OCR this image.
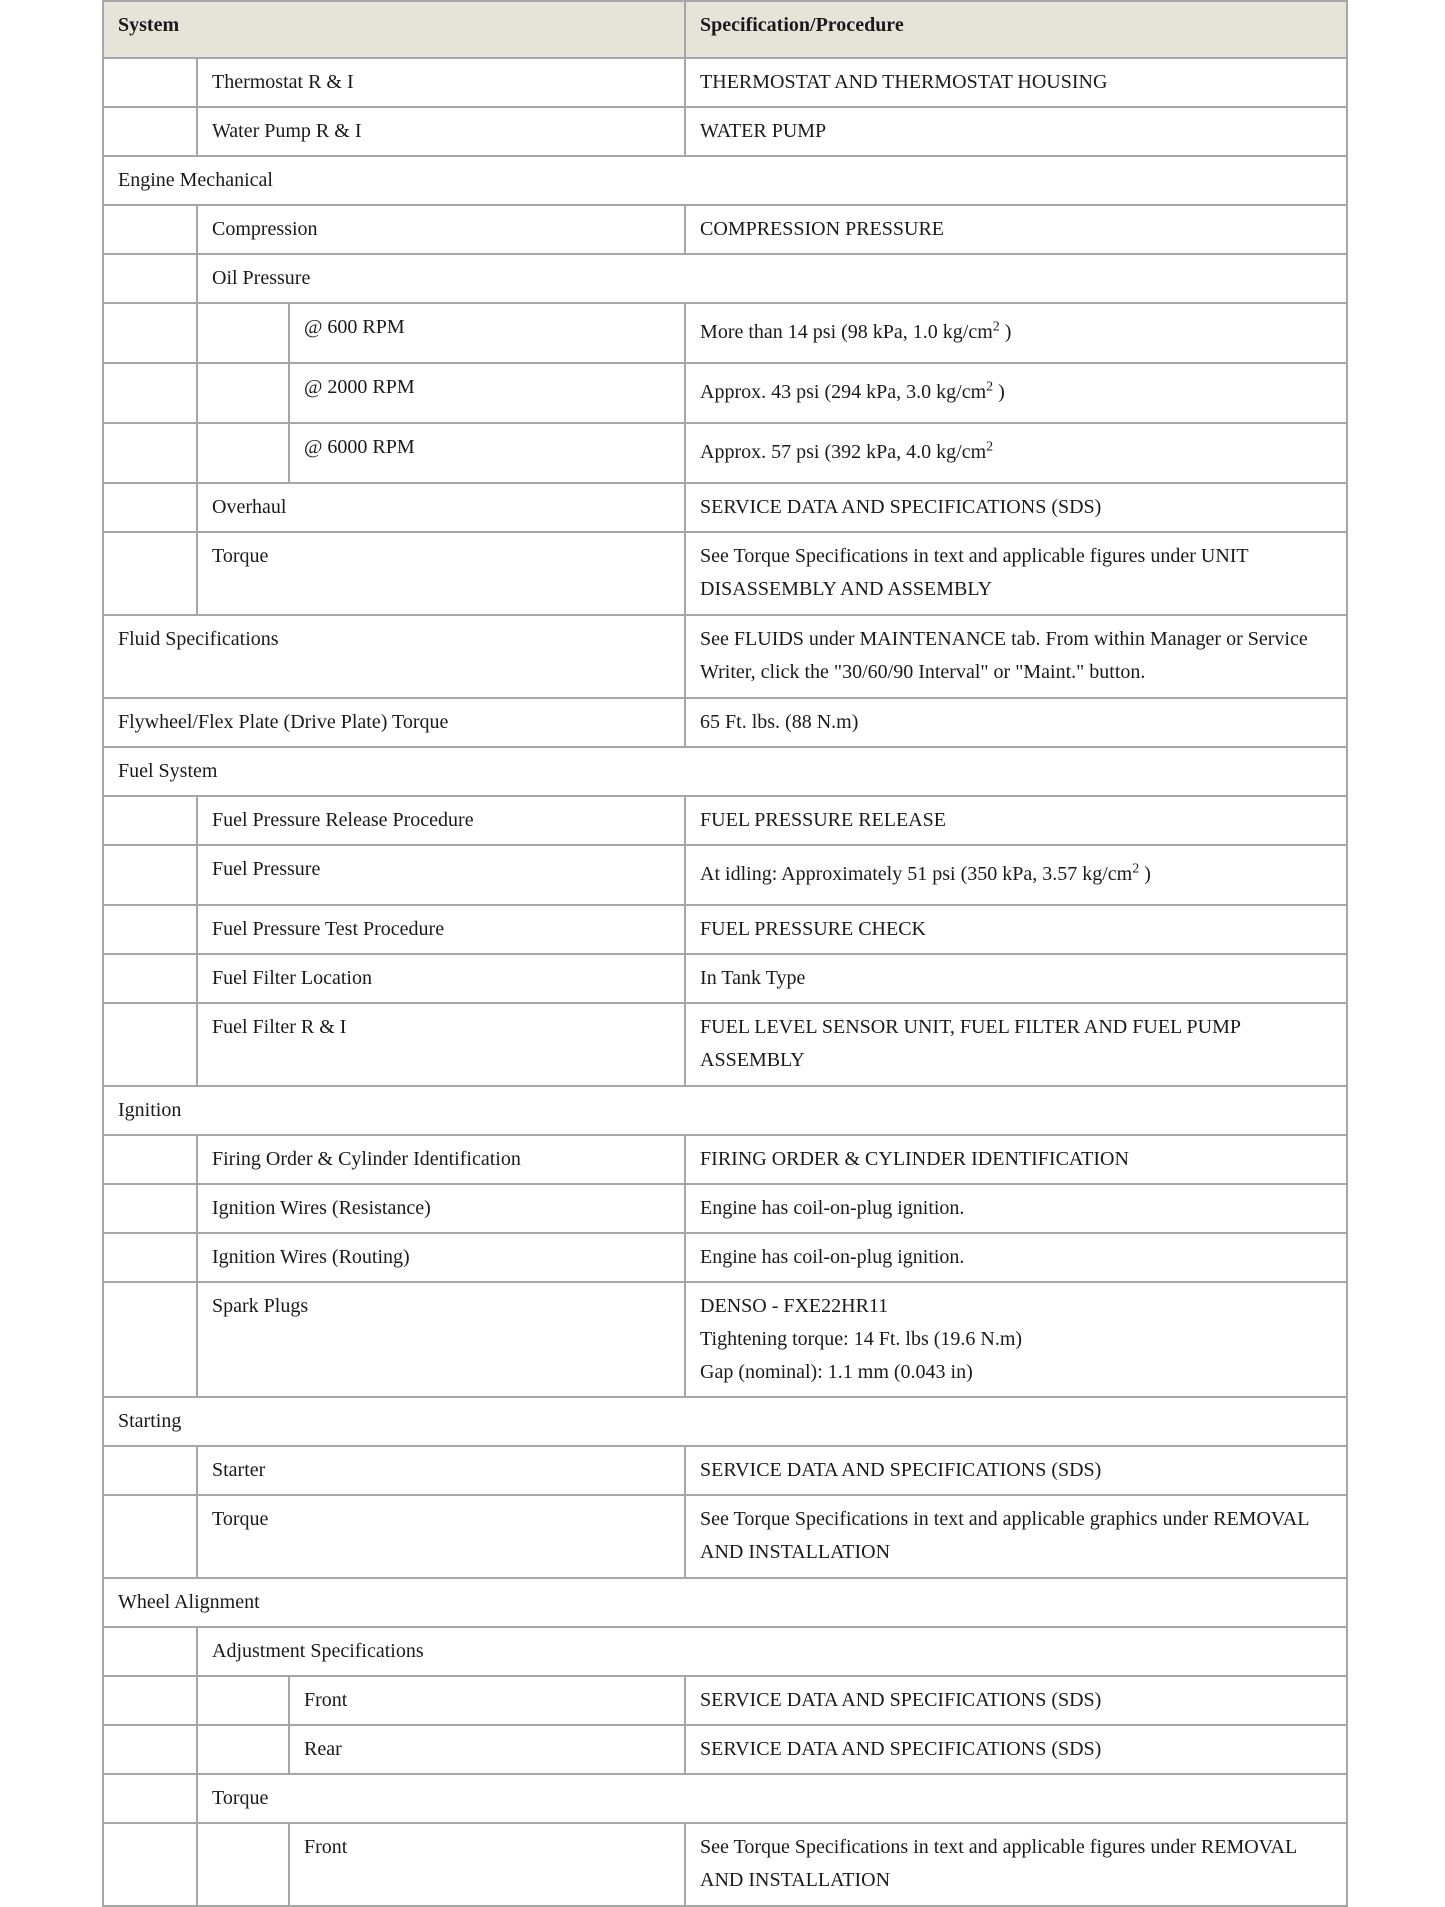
System			Specification/Procedure
	Thermostat R & I		THERMOSTAT AND THERMOSTAT HOUSING
	Water Pump R & I		WATER PUMP
Engine Mechanical			
	Compression		COMPRESSION PRESSURE
	Oil Pressure		
		@ 600 RPM	More than 14 psi (98 kPa, 1.0 $kg/cm^2$ )
		@ 2000 RPM	Approx. 43 psi (294 kPa, 3.0 $kg/cm^2$ )
		@ 6000 RPM	Approx. 57 psi (392 kPa, 4.0 $kg/cm^2$
	Overhaul		SERVICE DATA AND SPECIFICATIONS (SDS)
	Torque		See Torque Specifications in text and applicable figures under UNIT DISASSEMBLY AND ASSEMBLY
Fluid Specifications			See FLUIDS under MAINTENANCE tab. From within Manager or Service Writer, click the "30/60/90 Interval" or "Maint." button.
Flywheel/Flex Plate (Drive Plate) Torque			65 Ft. lbs. (88 N.m)
Fuel System			
	Fuel Pressure Release Procedure		FUEL PRESSURE RELEASE
	Fuel Pressure		At idling: Approximately 51 psi (350 kPa, 3.57 $kg/cm^2$ )
	Fuel Pressure Test Procedure		FUEL PRESSURE CHECK
	Fuel Filter Location		In Tank Type
	Fuel Filter R & I		FUEL LEVEL SENSOR UNIT, FUEL FILTER AND FUEL PUMP ASSEMBLY
Ignition			
	Firing Order & Cylinder Identification		FIRING ORDER & CYLINDER IDENTIFICATION
	Ignition Wires (Resistance)		Engine has coil-on-plug ignition.
	Ignition Wires (Routing)		Engine has coil-on-plug ignition.
	Spark Plugs		DENSO - FXE22HR11
Tightening torque: 14 Ft. lbs (19.6 N.m)
Gap (nominal): 1.1 mm (0.043 in)

Starting			
	Starter		SERVICE DATA AND SPECIFICATIONS (SDS)
	Torque		See Torque Specifications in text and applicable graphics under REMOVAL AND INSTALLATION
Wheel Alignment			
	Adjustment Specifications		
		Front	SERVICE DATA AND SPECIFICATIONS (SDS)
		Rear	SERVICE DATA AND SPECIFICATIONS (SDS)
	Torque		
		Front	See Torque Specifications in text and applicable figures under REMOVAL AND INSTALLATION
